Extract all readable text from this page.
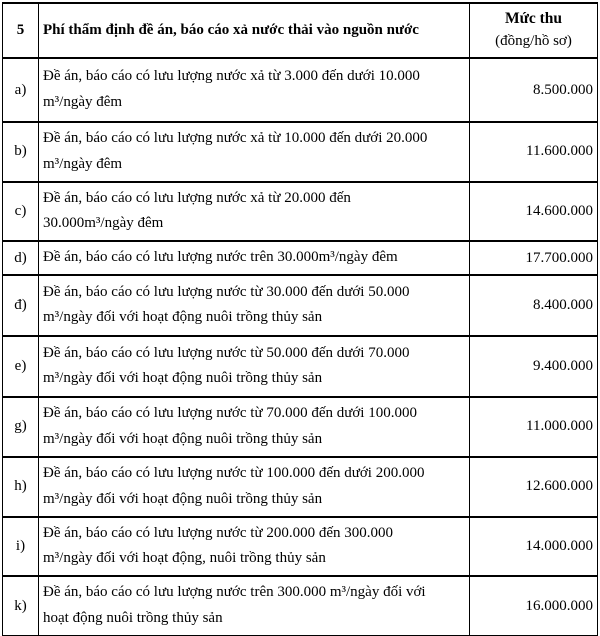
5	Phí thẩm định đề án, báo cáo xả nước thải vào nguồn nước	Mức thu
(đồng/hồ sơ)

a)	Đề án, báo cáo có lưu lượng nước xả từ 3.000 đến dưới 10.000
m³/ngày đêm	8.500.000
b)	Đề án, báo cáo có lưu lượng nước xả từ 10.000 đến dưới 20.000
m³/ngày đêm	11.600.000
c)	Đề án, báo cáo có lưu lượng nước xả từ 20.000 đến
30.000m³/ngày đêm	14.600.000
d)	Đề án, báo cáo có lưu lượng nước trên 30.000m³/ngày đêm	17.700.000
đ)	Đề án, báo cáo có lưu lượng nước từ 30.000 đến dưới 50.000
m³/ngày đối với hoạt động nuôi trồng thủy sản	8.400.000
e)	Đề án, báo cáo có lưu lượng nước từ 50.000 đến dưới 70.000
m³/ngày đối với hoạt động nuôi trồng thủy sản	9.400.000
g)	Đề án, báo cáo có lưu lượng nước từ 70.000 đến dưới 100.000
m³/ngày đối với hoạt động nuôi trồng thủy sản	11.000.000
h)	Đề án, báo cáo có lưu lượng nước từ 100.000 đến dưới 200.000
m³/ngày đối với hoạt động nuôi trồng thủy sản	12.600.000
i)	Đề án, báo cáo có lưu lượng nước từ 200.000 đến 300.000
m³/ngày đối với hoạt động, nuôi trồng thủy sản	14.000.000
k)	Đề án, báo cáo có lưu lượng nước trên 300.000 m³/ngày đối với
hoạt động nuôi trồng thủy sản	16.000.000
